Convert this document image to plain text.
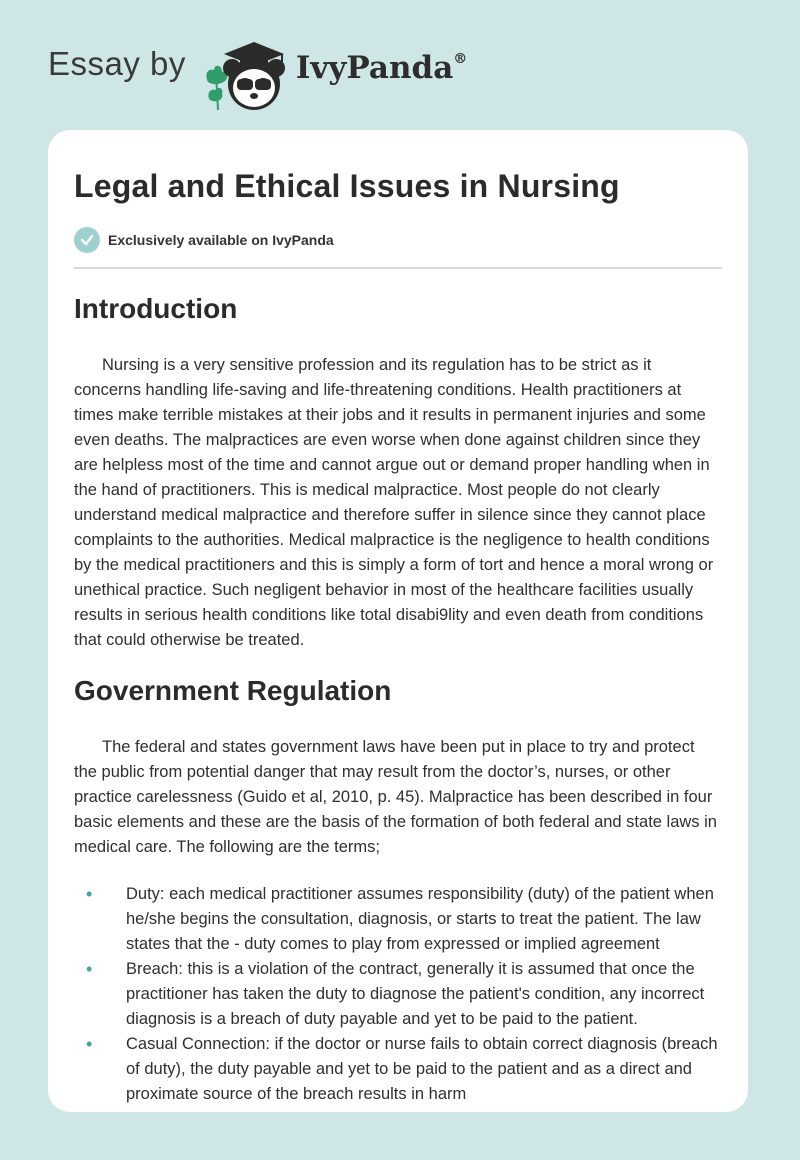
Essay by	IvyPanda®
Legal and Ethical Issues in Nursing
Exclusively available on IvyPanda
Introduction

Nursing is a very sensitive profession and its regulation has to be strict as it concerns handling life-saving and life-threatening conditions. Health practitioners at times make terrible mistakes at their jobs and it results in permanent injuries and some even deaths. The malpractices are even worse when done against children since they are helpless most of the time and cannot argue out or demand proper handling when in the hand of practitioners. This is medical malpractice. Most people do not clearly understand medical malpractice and therefore suffer in silence since they cannot place complaints to the authorities. Medical malpractice is the negligence to health conditions by the medical practitioners and this is simply a form of tort and hence a moral wrong or unethical practice. Such negligent behavior in most of the healthcare facilities usually results in serious health conditions like total disabi9lity and even death from conditions that could otherwise be treated.

Government Regulation

The federal and states government laws have been put in place to try and protect the public from potential danger that may result from the doctor’s, nurses, or other practice carelessness (Guido et al, 2010, p. 45). Malpractice has been described in four basic elements and these are the basis of the formation of both federal and state laws in medical care. The following are the terms;

• Duty: each medical practitioner assumes responsibility (duty) of the patient when he/she begins the consultation, diagnosis, or starts to treat the patient. The law states that the - duty comes to play from expressed or implied agreement
• Breach: this is a violation of the contract, generally it is assumed that once the practitioner has taken the duty to diagnose the patient's condition, any incorrect diagnosis is a breach of duty payable and yet to be paid to the patient.
• Casual Connection: if the doctor or nurse fails to obtain correct diagnosis (breach of duty), the duty payable and yet to be paid to the patient and as a direct and proximate source of the breach results in harm
